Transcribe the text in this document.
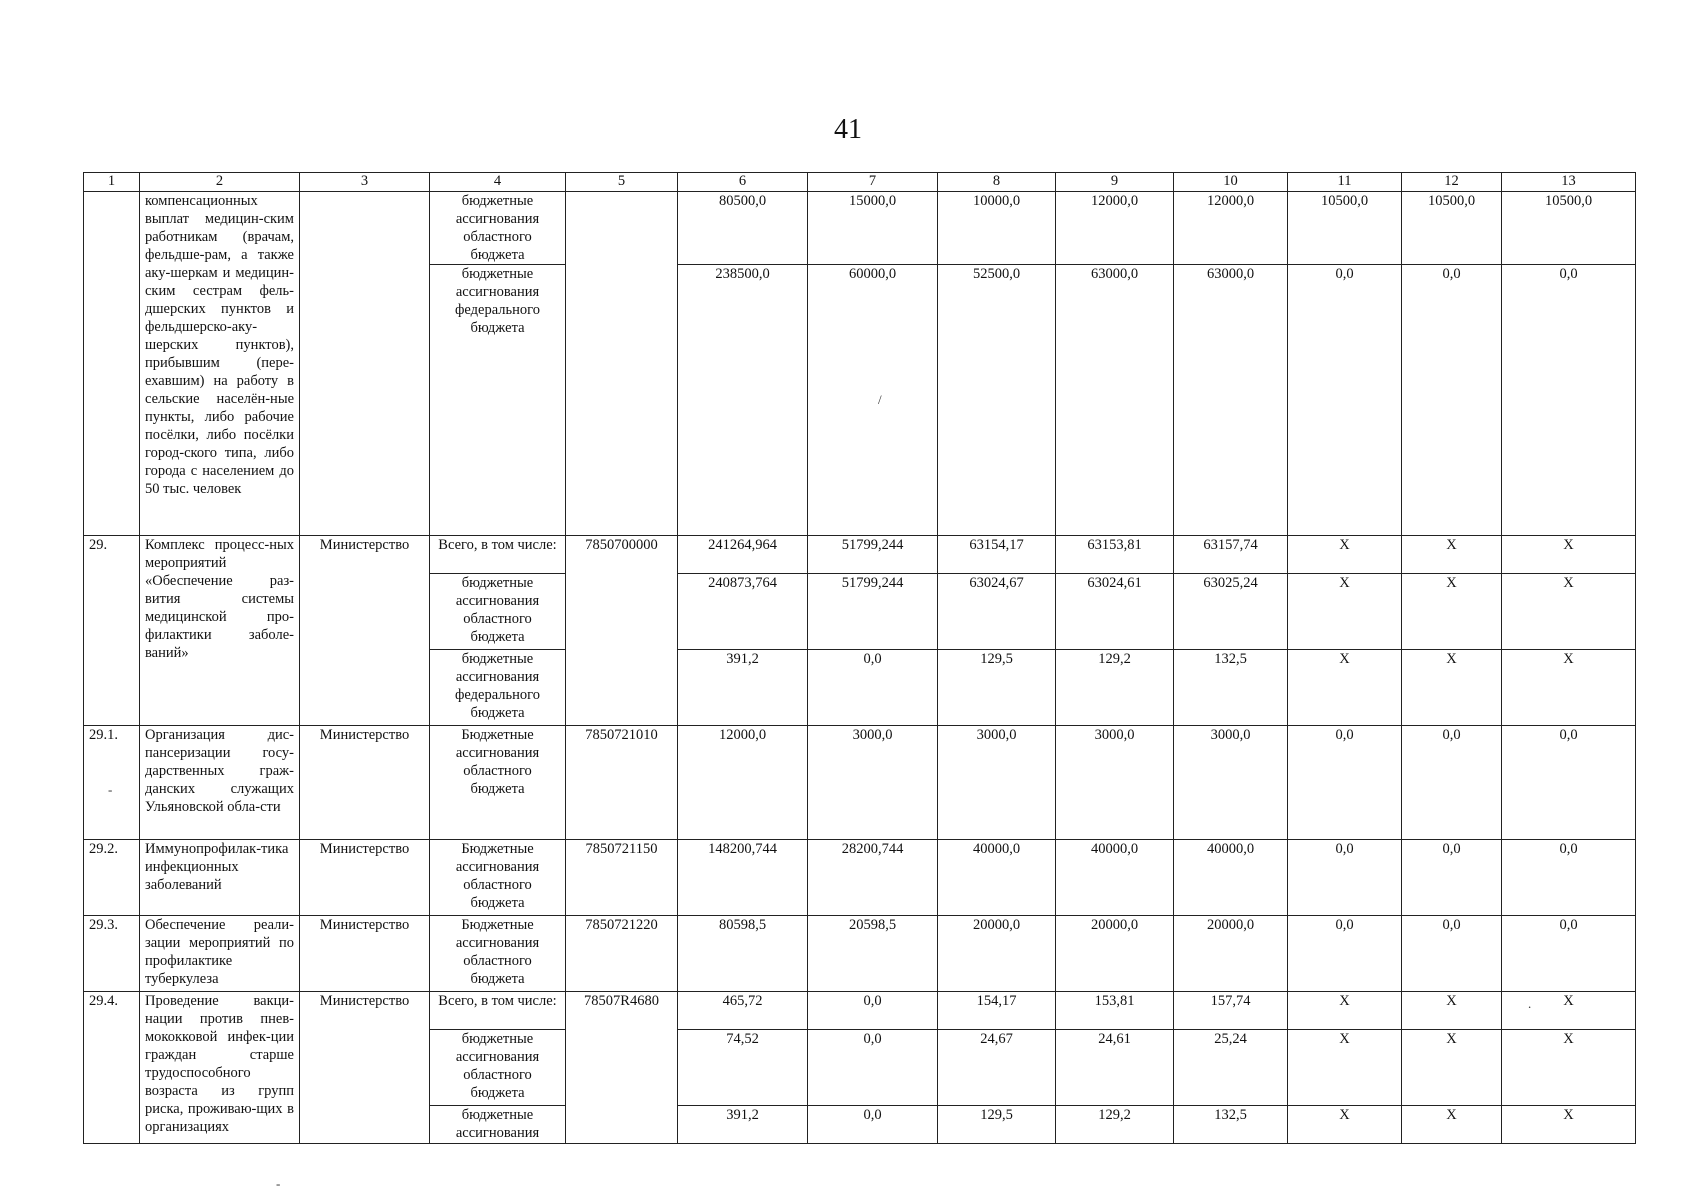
41
1	2	3	4	5	6	7	8	9	10	11	12	13
	компенсационных выплат медицин-ским работникам (врачам, фельдше-рам, а также аку-шеркам и медицин-ским сестрам фель-дшерских пунктов и фельдшерско-аку-шерских пунктов), прибывшим (пере-ехавшим) на работу в сельские населён-ные пункты, либо рабочие посёлки, либо посёлки город-ского типа, либо города с населением до 50 тыс. человек		бюджетные ассигнования областного бюджета		80500,0	15000,0	10000,0	12000,0	12000,0	10500,0	10500,0	10500,0
			бюджетные ассигнования федерального бюджета		238500,0	60000,0	52500,0	63000,0	63000,0	0,0	0,0	0,0
29.	Комплекс процесс-ных мероприятий «Обеспечение раз-вития системы медицинской про-филактики заболе-ваний»	Министерство	Всего, в том числе:	7850700000	241264,964	51799,244	63154,17	63153,81	63157,74	X	X	X
			бюджетные ассигнования областного бюджета		240873,764	51799,244	63024,67	63024,61	63025,24	X	X	X
			бюджетные ассигнования федерального бюджета		391,2	0,0	129,5	129,2	132,5	X	X	X
29.1.	Организация дис-пансеризации госу-дарственных граж-данских служащих Ульяновской обла-сти	Министерство	Бюджетные ассигнования областного бюджета	7850721010	12000,0	3000,0	3000,0	3000,0	3000,0	0,0	0,0	0,0
29.2.	Иммунопрофилак-тика инфекционных заболеваний	Министерство	Бюджетные ассигнования областного бюджета	7850721150	148200,744	28200,744	40000,0	40000,0	40000,0	0,0	0,0	0,0
29.3.	Обеспечение реали-зации мероприятий по профилактике туберкулеза	Министерство	Бюджетные ассигнования областного бюджета	7850721220	80598,5	20598,5	20000,0	20000,0	20000,0	0,0	0,0	0,0
29.4.	Проведение вакци-нации против пнев-мококковой инфек-ции граждан старше трудоспособного возраста из групп риска, проживаю-щих в организациях	Министерство	Всего, в том числе:	78507R4680	465,72	0,0	154,17	153,81	157,74	X	X	X
			бюджетные ассигнования областного бюджета		74,52	0,0	24,67	24,61	25,24	X	X	X
			бюджетные ассигнования		391,2	0,0	129,5	129,2	132,5	X	X	X
/
-
.
-
